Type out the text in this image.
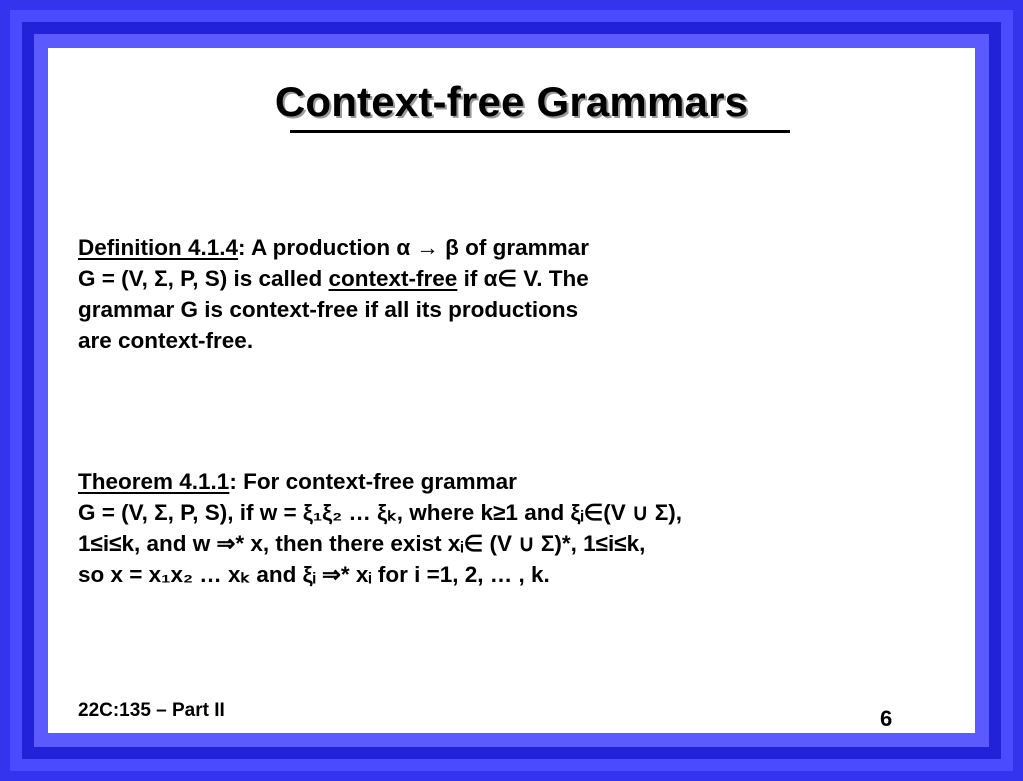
Context-free Grammars
Definition 4.1.4: A production α → β of grammar
G = (V, Σ, P, S) is called context-free if α∈ V. The
grammar G is context-free if all its productions
are context-free.
Theorem 4.1.1: For context-free grammar
G = (V, Σ, P, S), if w = ξ₁ξ₂ … ξₖ, where k≥1 and ξᵢ∈(V ∪ Σ),
1≤i≤k, and w ⇒* x, then there exist xᵢ∈ (V ∪ Σ)*, 1≤i≤k,
so x = x₁x₂ … xₖ and ξᵢ ⇒* xᵢ for i =1, 2, … , k.
22C:135 – Part II	6
